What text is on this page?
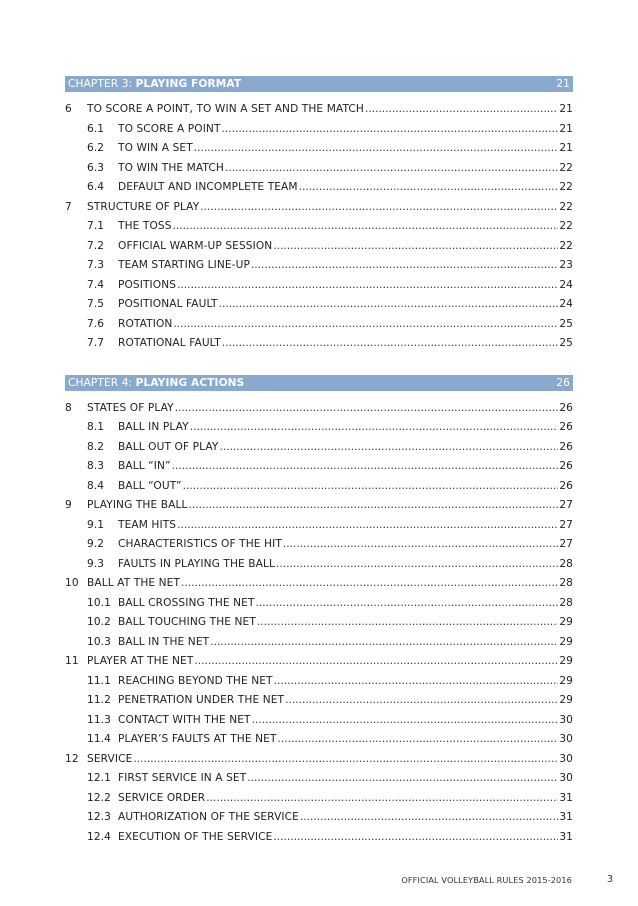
CHAPTER 3: PLAYING FORMAT	21
6	TO SCORE A POINT, TO WIN A SET AND THE MATCH .....	21
6.1	TO SCORE A POINT .....	21
6.2	TO WIN A SET .....	21
6.3	TO WIN THE MATCH .....	22
6.4	DEFAULT AND INCOMPLETE TEAM .....	22
7	STRUCTURE OF PLAY .....	22
7.1	THE TOSS .....	22
7.2	OFFICIAL WARM-UP SESSION .....	22
7.3	TEAM STARTING LINE-UP .....	23
7.4	POSITIONS .....	24
7.5	POSITIONAL FAULT .....	24
7.6	ROTATION .....	25
7.7	ROTATIONAL FAULT .....	25
CHAPTER 4: PLAYING ACTIONS	26
8	STATES OF PLAY .....	26
8.1	BALL IN PLAY .....	26
8.2	BALL OUT OF PLAY .....	26
8.3	BALL “IN” .....	26
8.4	BALL “OUT” .....	26
9	PLAYING THE BALL .....	27
9.1	TEAM HITS .....	27
9.2	CHARACTERISTICS OF THE HIT .....	27
9.3	FAULTS IN PLAYING THE BALL .....	28
10 BALL AT THE NET .....	28
10.1 BALL CROSSING THE NET .....	28
10.2 BALL TOUCHING THE NET .....	29
10.3 BALL IN THE NET .....	29
11 PLAYER AT THE NET .....	29
11.1 REACHING BEYOND THE NET .....	29
11.2 PENETRATION UNDER THE NET .....	29
11.3 CONTACT WITH THE NET .....	30
11.4 PLAYER’S FAULTS AT THE NET .....	30
12 SERVICE .....	30
12.1 FIRST SERVICE IN A SET .....	30
12.2 SERVICE ORDER .....	31
12.3 AUTHORIZATION OF THE SERVICE .....	31
12.4 EXECUTION OF THE SERVICE .....	31
OFFICIAL VOLLEYBALL RULES 2015-2016	3
